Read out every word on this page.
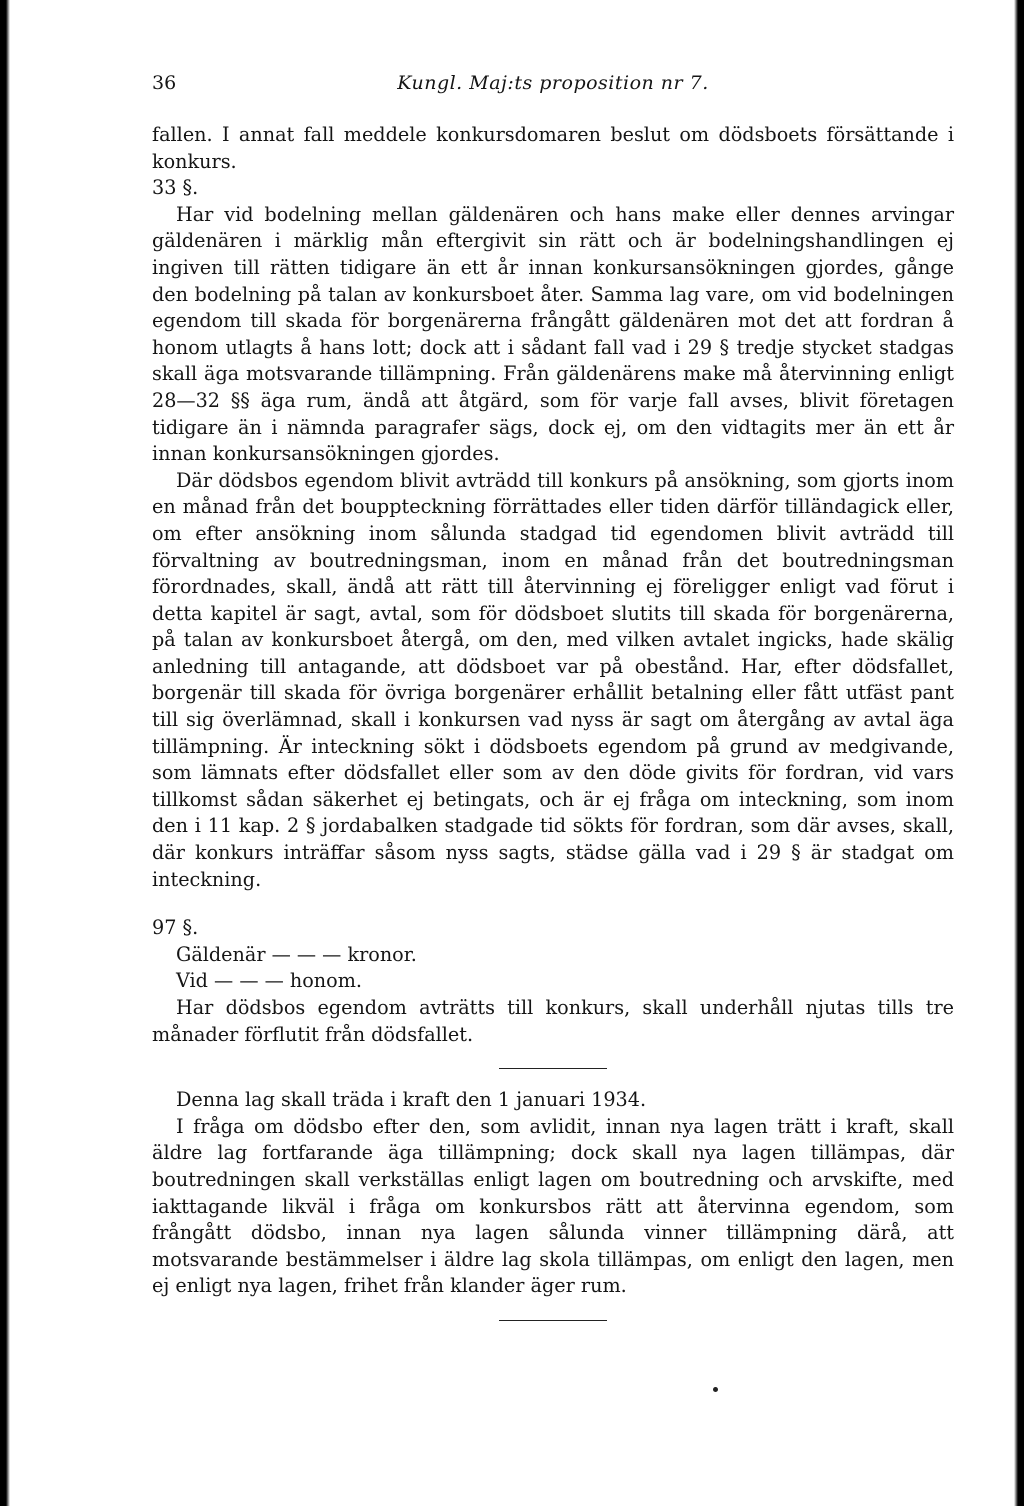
36	Kungl. Maj:ts proposition nr 7.

fallen. I annat fall meddele konkursdomaren beslut om dödsboets försättande i konkurs.

33 §.

Har vid bodelning mellan gäldenären och hans make eller dennes arvingar gäldenären i märklig mån eftergivit sin rätt och är bodelningshandlingen ej ingiven till rätten tidigare än ett år innan konkursansökningen gjordes, gånge den bodelning på talan av konkursboet åter. Samma lag vare, om vid bodelningen egendom till skada för borgenärerna frångått gäldenären mot det att fordran å honom utlagts å hans lott; dock att i sådant fall vad i 29 § tredje stycket stadgas skall äga motsvarande tillämpning. Från gäldenärens make må återvinning enligt 28—32 §§ äga rum, ändå att åtgärd, som för varje fall avses, blivit företagen tidigare än i nämnda paragrafer sägs, dock ej, om den vidtagits mer än ett år innan konkursansökningen gjordes.

Där dödsbos egendom blivit avträdd till konkurs på ansökning, som gjorts inom en månad från det bouppteckning förrättades eller tiden därför tilländagick eller, om efter ansökning inom sålunda stadgad tid egendomen blivit avträdd till förvaltning av boutredningsman, inom en månad från det boutredningsman förordnades, skall, ändå att rätt till återvinning ej föreligger enligt vad förut i detta kapitel är sagt, avtal, som för dödsboet slutits till skada för borgenärerna, på talan av konkursboet återgå, om den, med vilken avtalet ingicks, hade skälig anledning till antagande, att dödsboet var på obestånd. Har, efter dödsfallet, borgenär till skada för övriga borgenärer erhållit betalning eller fått utfäst pant till sig överlämnad, skall i konkursen vad nyss är sagt om återgång av avtal äga tillämpning. Är inteckning sökt i dödsboets egendom på grund av medgivande, som lämnats efter dödsfallet eller som av den döde givits för fordran, vid vars tillkomst sådan säkerhet ej betingats, och är ej fråga om inteckning, som inom den i 11 kap. 2 § jordabalken stadgade tid sökts för fordran, som där avses, skall, där konkurs inträffar såsom nyss sagts, städse gälla vad i 29 § är stadgat om inteckning.

97 §.

Gäldenär — — — kronor.

Vid — — — honom.

Har dödsbos egendom avträtts till konkurs, skall underhåll njutas tills tre månader förflutit från dödsfallet.

Denna lag skall träda i kraft den 1 januari 1934.

I fråga om dödsbo efter den, som avlidit, innan nya lagen trätt i kraft, skall äldre lag fortfarande äga tillämpning; dock skall nya lagen tillämpas, där boutredningen skall verkställas enligt lagen om boutredning och arvskifte, med iakttagande likväl i fråga om konkursbos rätt att återvinna egendom, som frångått dödsbo, innan nya lagen sålunda vinner tillämpning därå, att motsvarande bestämmelser i äldre lag skola tillämpas, om enligt den lagen, men ej enligt nya lagen, frihet från klander äger rum.
